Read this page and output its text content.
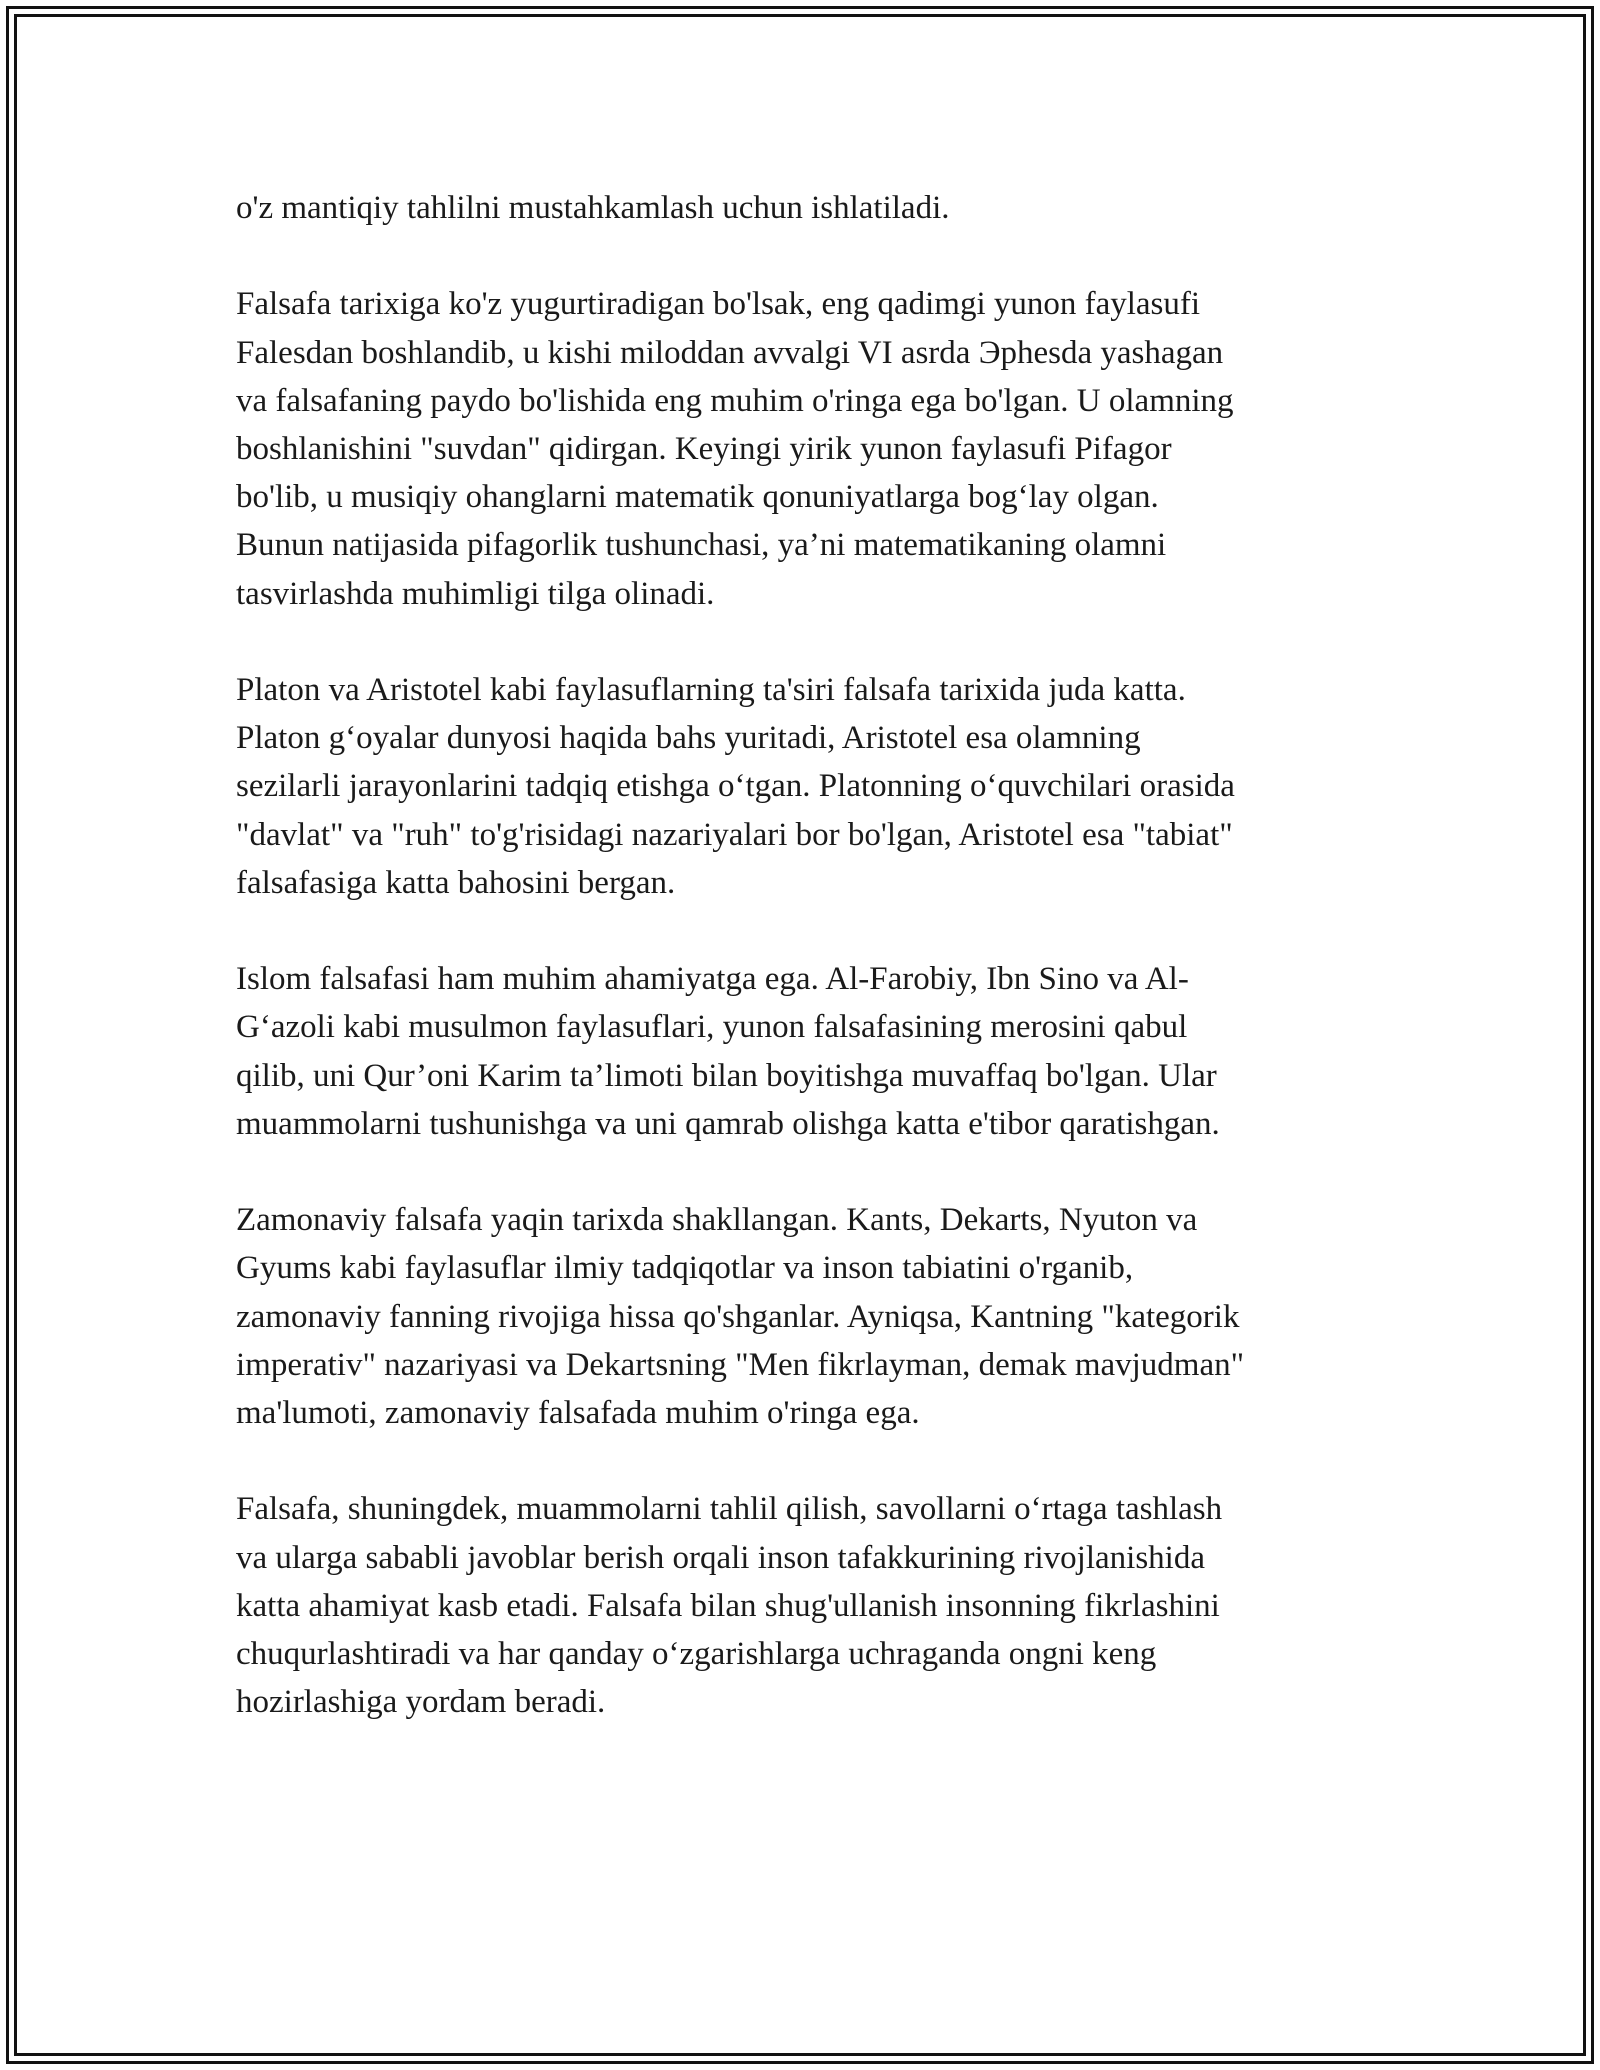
o'z mantiqiy tahlilni mustahkamlash uchun ishlatiladi.

Falsafa tarixiga ko'z yugurtiradigan bo'lsak, eng qadimgi yunon faylasufi
Falesdan boshlandib, u kishi miloddan avvalgi VI asrda Эphesda yashagan
va falsafaning paydo bo'lishida eng muhim o'ringa ega bo'lgan. U olamning
boshlanishini "suvdan" qidirgan. Keyingi yirik yunon faylasufi Pifagor
bo'lib, u musiqiy ohanglarni matematik qonuniyatlarga bog‘lay olgan.
Bunun natijasida pifagorlik tushunchasi, ya’ni matematikaning olamni
tasvirlashda muhimligi tilga olinadi.

Platon va Aristotel kabi faylasuflarning ta'siri falsafa tarixida juda katta.
Platon g‘oyalar dunyosi haqida bahs yuritadi, Aristotel esa olamning
sezilarli jarayonlarini tadqiq etishga o‘tgan. Platonning o‘quvchilari orasida
"davlat" va "ruh" to'g'risidagi nazariyalari bor bo'lgan, Aristotel esa "tabiat"
falsafasiga katta bahosini bergan.

Islom falsafasi ham muhim ahamiyatga ega. Al-Farobiy, Ibn Sino va Al-
G‘azoli kabi musulmon faylasuflari, yunon falsafasining merosini qabul
qilib, uni Qur’oni Karim ta’limoti bilan boyitishga muvaffaq bo'lgan. Ular
muammolarni tushunishga va uni qamrab olishga katta e'tibor qaratishgan.

Zamonaviy falsafa yaqin tarixda shakllangan. Kants, Dekarts, Nyuton va
Gyums kabi faylasuflar ilmiy tadqiqotlar va inson tabiatini o'rganib,
zamonaviy fanning rivojiga hissa qo'shganlar. Ayniqsa, Kantning "kategorik
imperativ" nazariyasi va Dekartsning "Men fikrlayman, demak mavjudman"
ma'lumoti, zamonaviy falsafada muhim o'ringa ega.

Falsafa, shuningdek, muammolarni tahlil qilish, savollarni o‘rtaga tashlash
va ularga sababli javoblar berish orqali inson tafakkurining rivojlanishida
katta ahamiyat kasb etadi. Falsafa bilan shug'ullanish insonning fikrlashini
chuqurlashtiradi va har qanday o‘zgarishlarga uchraganda ongni keng
hozirlashiga yordam beradi.
